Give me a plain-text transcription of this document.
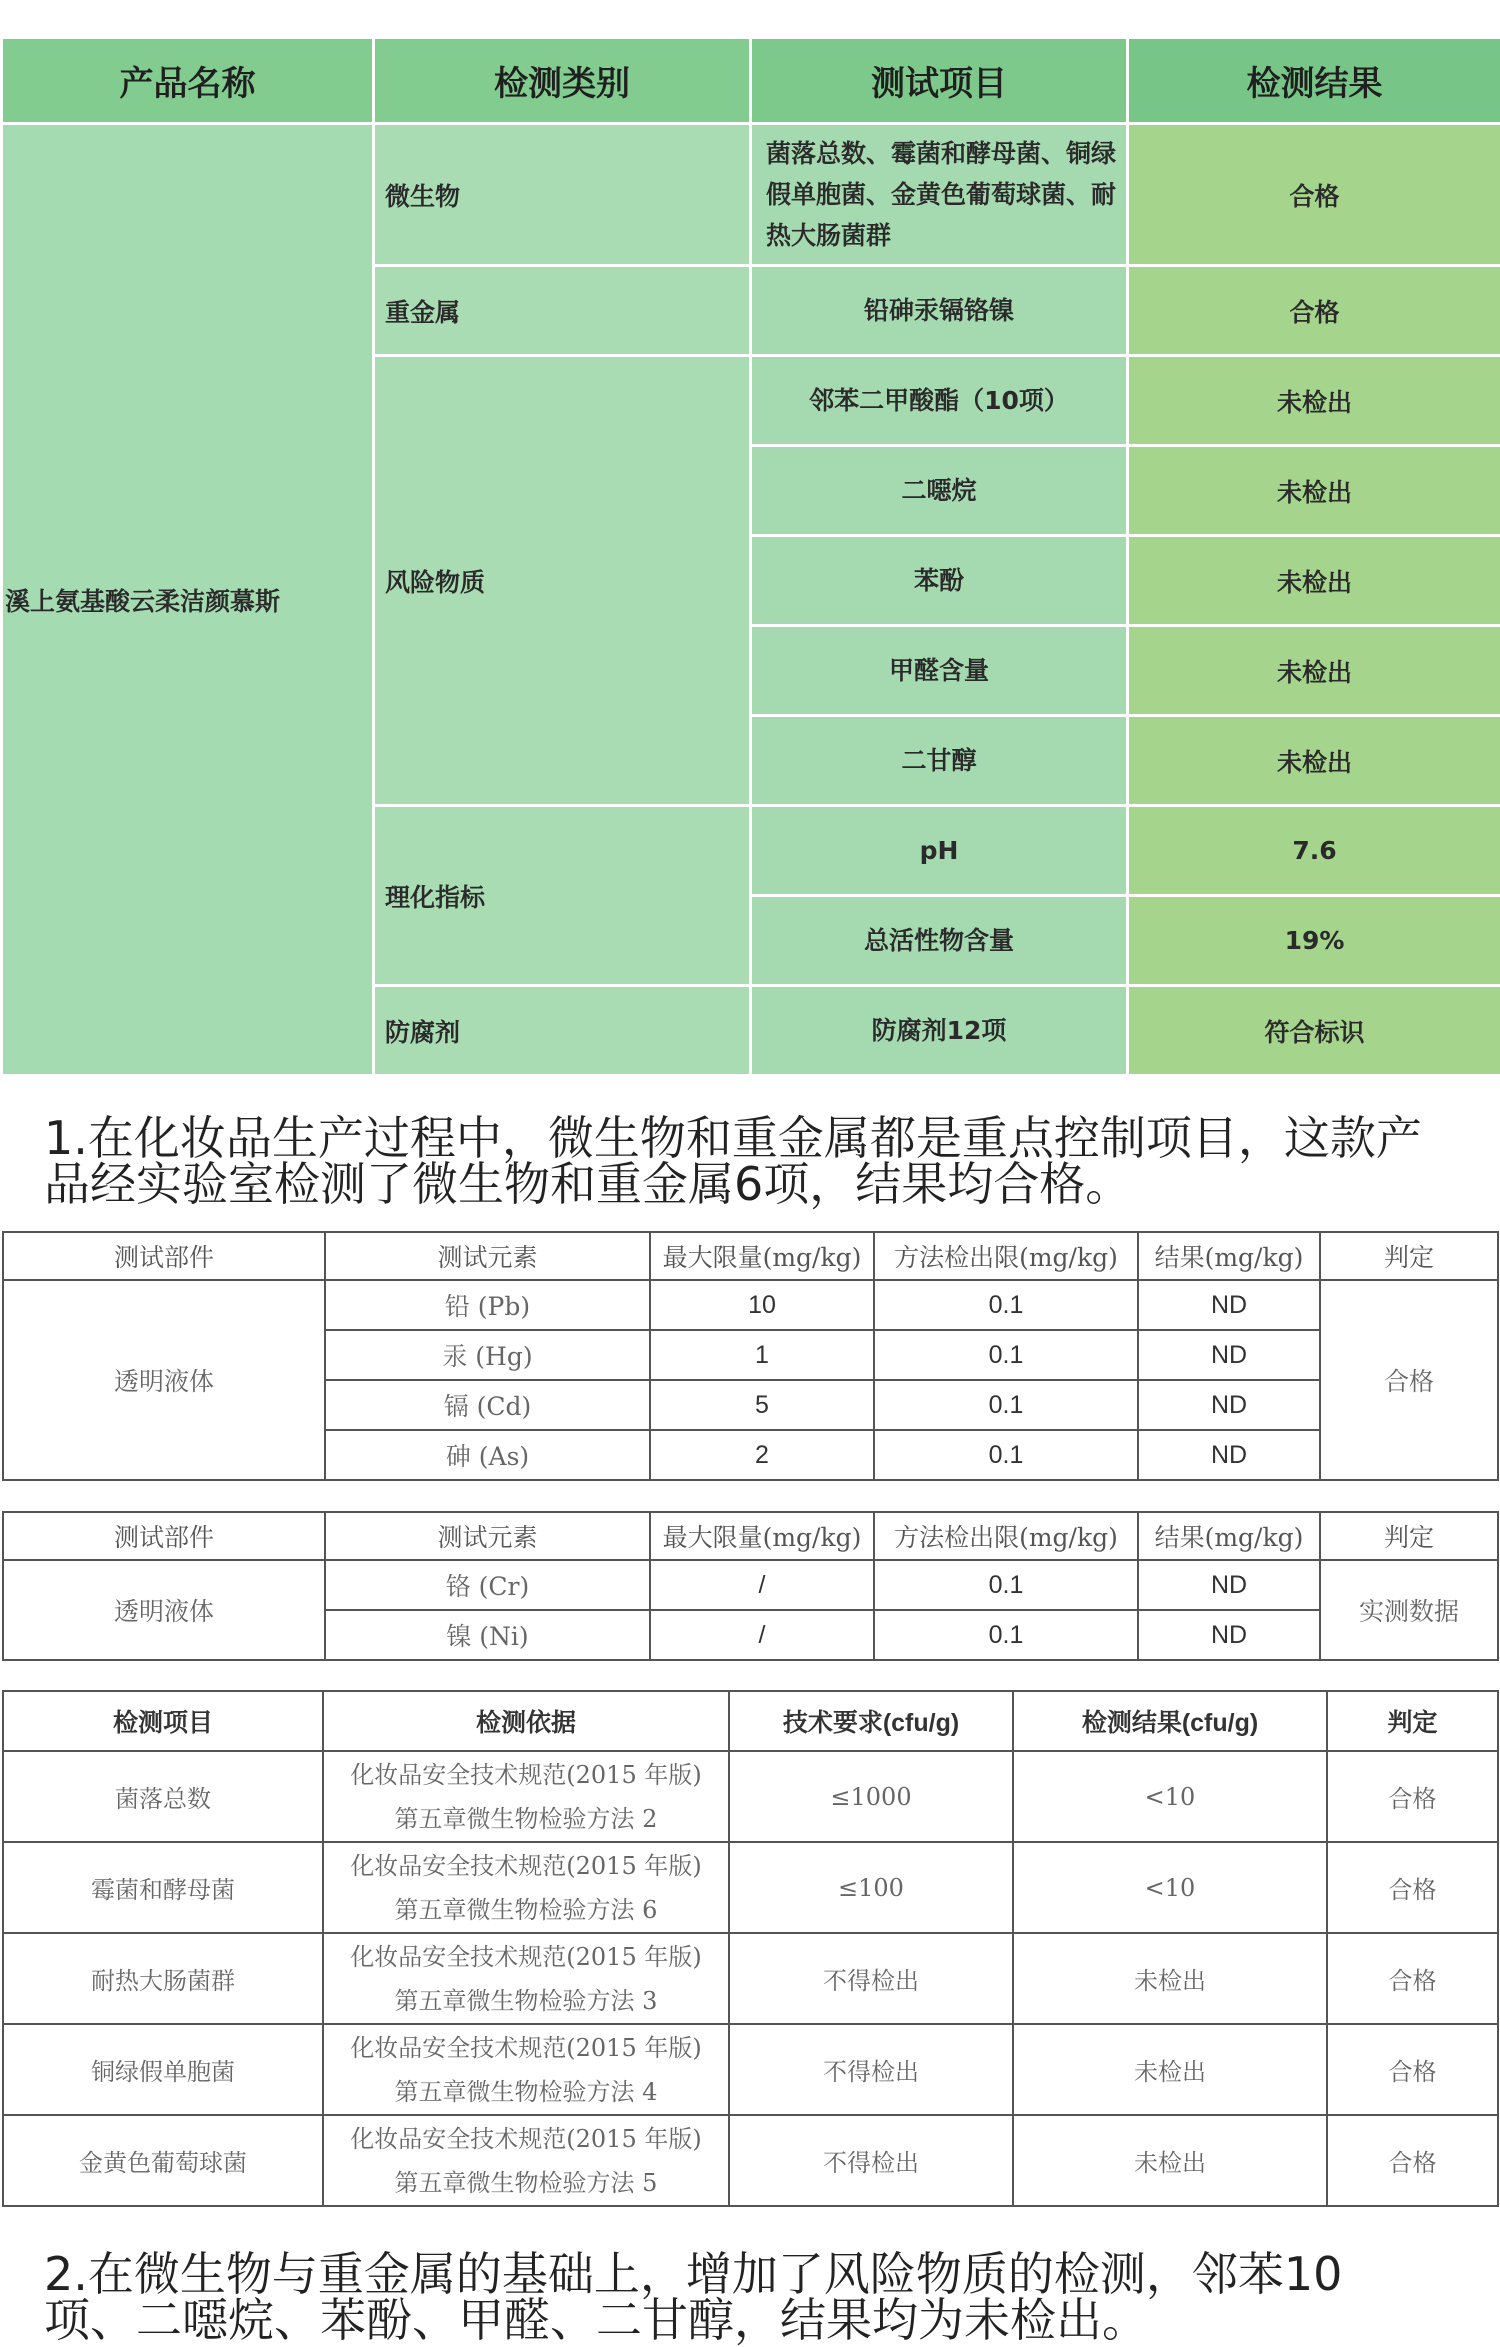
产品名称	检测类别	测试项目	检测结果
溪上氨基酸云柔洁颜慕斯	微生物	菌落总数、霉菌和酵母菌、铜绿假单胞菌、金黄色葡萄球菌、耐热大肠菌群	合格
	重金属	铅砷汞镉铬镍	合格
	风险物质	邻苯二甲酸酯（10项）	未检出
		二噁烷	未检出
		苯酚	未检出
		甲醛含量	未检出
		二甘醇	未检出
	理化指标	pH	7.6
		总活性物含量	19%
	防腐剂	防腐剂12项	符合标识
1.在化妆品生产过程中，微生物和重金属都是重点控制项目，这款产
品经实验室检测了微生物和重金属6项，结果均合格。
测试部件	测试元素	最大限量(mg/kg)	方法检出限(mg/kg)	结果(mg/kg)	判定
透明液体	铅 (Pb)	10	0.1	ND	合格
	汞 (Hg)	1	0.1	ND	
	镉 (Cd)	5	0.1	ND	
	砷 (As)	2	0.1	ND	
测试部件	测试元素	最大限量(mg/kg)	方法检出限(mg/kg)	结果(mg/kg)	判定
透明液体	铬 (Cr)	/	0.1	ND	实测数据
	镍 (Ni)	/	0.1	ND	
检测项目	检测依据	技术要求(cfu/g)	检测结果(cfu/g)	判定
菌落总数	化妆品安全技术规范(2015 年版)
第五章微生物检验方法 2	≤1000	<10	合格
霉菌和酵母菌	化妆品安全技术规范(2015 年版)
第五章微生物检验方法 6	≤100	<10	合格
耐热大肠菌群	化妆品安全技术规范(2015 年版)
第五章微生物检验方法 3	不得检出	未检出	合格
铜绿假单胞菌	化妆品安全技术规范(2015 年版)
第五章微生物检验方法 4	不得检出	未检出	合格
金黄色葡萄球菌	化妆品安全技术规范(2015 年版)
第五章微生物检验方法 5	不得检出	未检出	合格
2.在微生物与重金属的基础上，增加了风险物质的检测，邻苯10
项、二噁烷、苯酚、甲醛、二甘醇，结果均为未检出。
